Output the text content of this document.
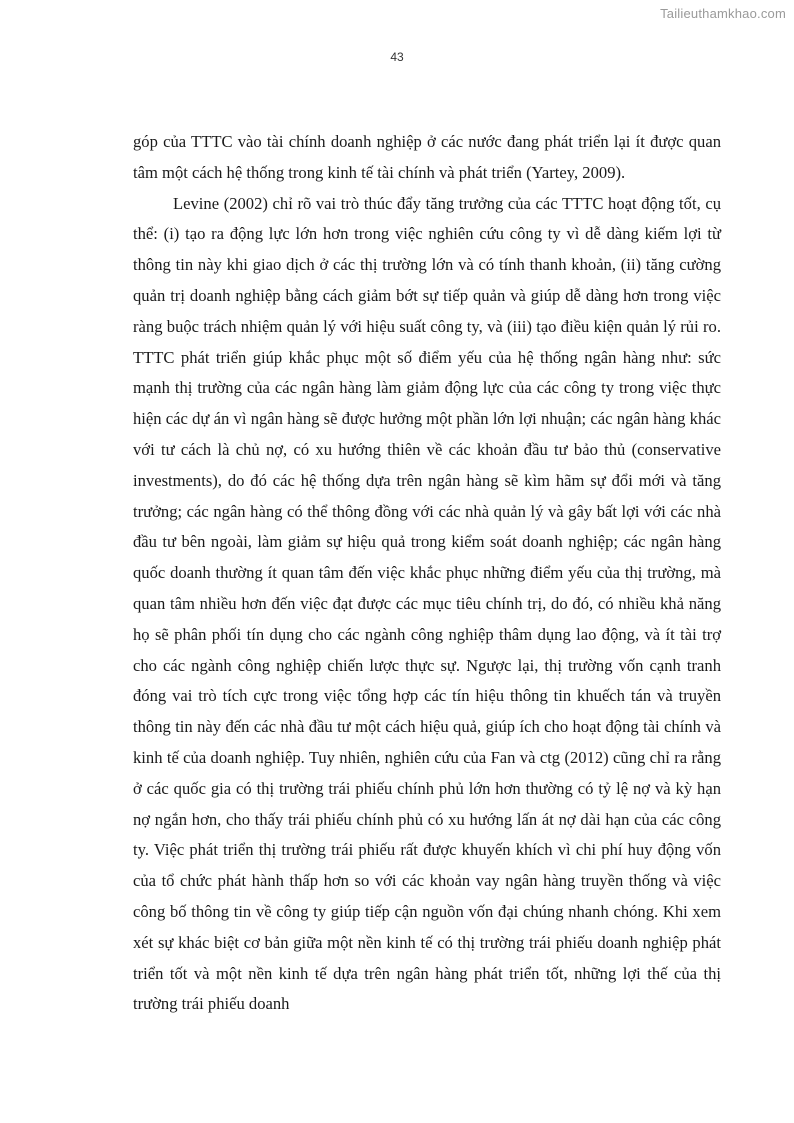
Tailieuthamkhao.com
43

góp của TTTC vào tài chính doanh nghiệp ở các nước đang phát triển lại ít được quan tâm một cách hệ thống trong kinh tế tài chính và phát triển (Yartey, 2009).

Levine (2002) chỉ rõ vai trò thúc đẩy tăng trưởng của các TTTC hoạt động tốt, cụ thể: (i) tạo ra động lực lớn hơn trong việc nghiên cứu công ty vì dễ dàng kiếm lợi từ thông tin này khi giao dịch ở các thị trường lớn và có tính thanh khoản, (ii) tăng cường quản trị doanh nghiệp bằng cách giảm bớt sự tiếp quản và giúp dễ dàng hơn trong việc ràng buộc trách nhiệm quản lý với hiệu suất công ty, và (iii) tạo điều kiện quản lý rủi ro. TTTC phát triển giúp khắc phục một số điểm yếu của hệ thống ngân hàng như: sức mạnh thị trường của các ngân hàng làm giảm động lực của các công ty trong việc thực hiện các dự án vì ngân hàng sẽ được hưởng một phần lớn lợi nhuận; các ngân hàng khác với tư cách là chủ nợ, có xu hướng thiên về các khoản đầu tư bảo thủ (conservative investments), do đó các hệ thống dựa trên ngân hàng sẽ kìm hãm sự đổi mới và tăng trưởng; các ngân hàng có thể thông đồng với các nhà quản lý và gây bất lợi với các nhà đầu tư bên ngoài, làm giảm sự hiệu quả trong kiểm soát doanh nghiệp; các ngân hàng quốc doanh thường ít quan tâm đến việc khắc phục những điểm yếu của thị trường, mà quan tâm nhiều hơn đến việc đạt được các mục tiêu chính trị, do đó, có nhiều khả năng họ sẽ phân phối tín dụng cho các ngành công nghiệp thâm dụng lao động, và ít tài trợ cho các ngành công nghiệp chiến lược thực sự. Ngược lại, thị trường vốn cạnh tranh đóng vai trò tích cực trong việc tổng hợp các tín hiệu thông tin khuếch tán và truyền thông tin này đến các nhà đầu tư một cách hiệu quả, giúp ích cho hoạt động tài chính và kinh tế của doanh nghiệp. Tuy nhiên, nghiên cứu của Fan và ctg (2012) cũng chỉ ra rằng ở các quốc gia có thị trường trái phiếu chính phủ lớn hơn thường có tỷ lệ nợ và kỳ hạn nợ ngắn hơn, cho thấy trái phiếu chính phủ có xu hướng lấn át nợ dài hạn của các công ty. Việc phát triển thị trường trái phiếu rất được khuyến khích vì chi phí huy động vốn của tổ chức phát hành thấp hơn so với các khoản vay ngân hàng truyền thống và việc công bố thông tin về công ty giúp tiếp cận nguồn vốn đại chúng nhanh chóng. Khi xem xét sự khác biệt cơ bản giữa một nền kinh tế có thị trường trái phiếu doanh nghiệp phát triển tốt và một nền kinh tế dựa trên ngân hàng phát triển tốt, những lợi thế của thị trường trái phiếu doanh
